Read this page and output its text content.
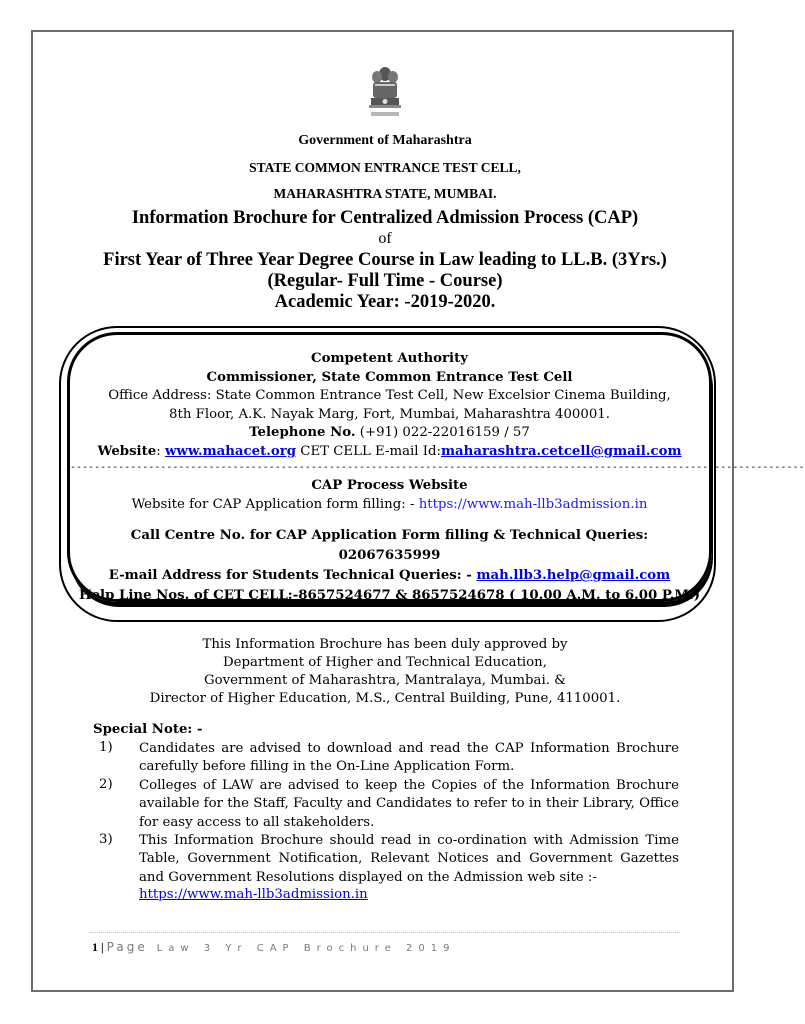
Government of Maharashtra
STATE COMMON ENTRANCE TEST CELL,
MAHARASHTRA STATE, MUMBAI.
Information Brochure for Centralized Admission Process (CAP)
of
First Year of Three Year Degree Course in Law leading to LL.B. (3Yrs.)
(Regular- Full Time - Course)
Academic Year: -2019-2020.
Competent Authority
Commissioner, State Common Entrance Test Cell
Office Address: State Common Entrance Test Cell, New Excelsior Cinema Building,
8th Floor, A.K. Nayak Marg, Fort, Mumbai, Maharashtra 400001.
Telephone No. (+91) 022-22016159 / 57
Website: www.mahacet.org CET CELL E-mail Id:maharashtra.cetcell@gmail.com
--------------------------------------------------------------------------------------------------------------------------
CAP Process Website
Website for CAP Application form filling: - https://www.mah-llb3admission.in
Call Centre No. for CAP Application Form filling & Technical Queries:
02067635999
E-mail Address for Students Technical Queries: - mah.llb3.help@gmail.com
Help Line Nos. of CET CELL:-8657524677 & 8657524678 ( 10.00 A.M. to 6.00 P.M.)
This Information Brochure has been duly approved by
Department of Higher and Technical Education,
Government of Maharashtra, Mantralaya, Mumbai. &
Director of Higher Education, M.S., Central Building, Pune, 4110001.
Special Note: -
1) Candidates are advised to download and read the CAP Information Brochure carefully before filling in the On-Line Application Form.
2) Colleges of LAW are advised to keep the Copies of the Information Brochure available for the Staff, Faculty and Candidates to refer to in their Library, Office for easy access to all stakeholders.
3) This Information Brochure should read in co-ordination with Admission Time Table, Government Notification, Relevant Notices and Government Gazettes and Government Resolutions displayed on the Admission web site :-
https://www.mah-llb3admission.in
1 | Page Law 3 Yr CAP Brochure 2019
